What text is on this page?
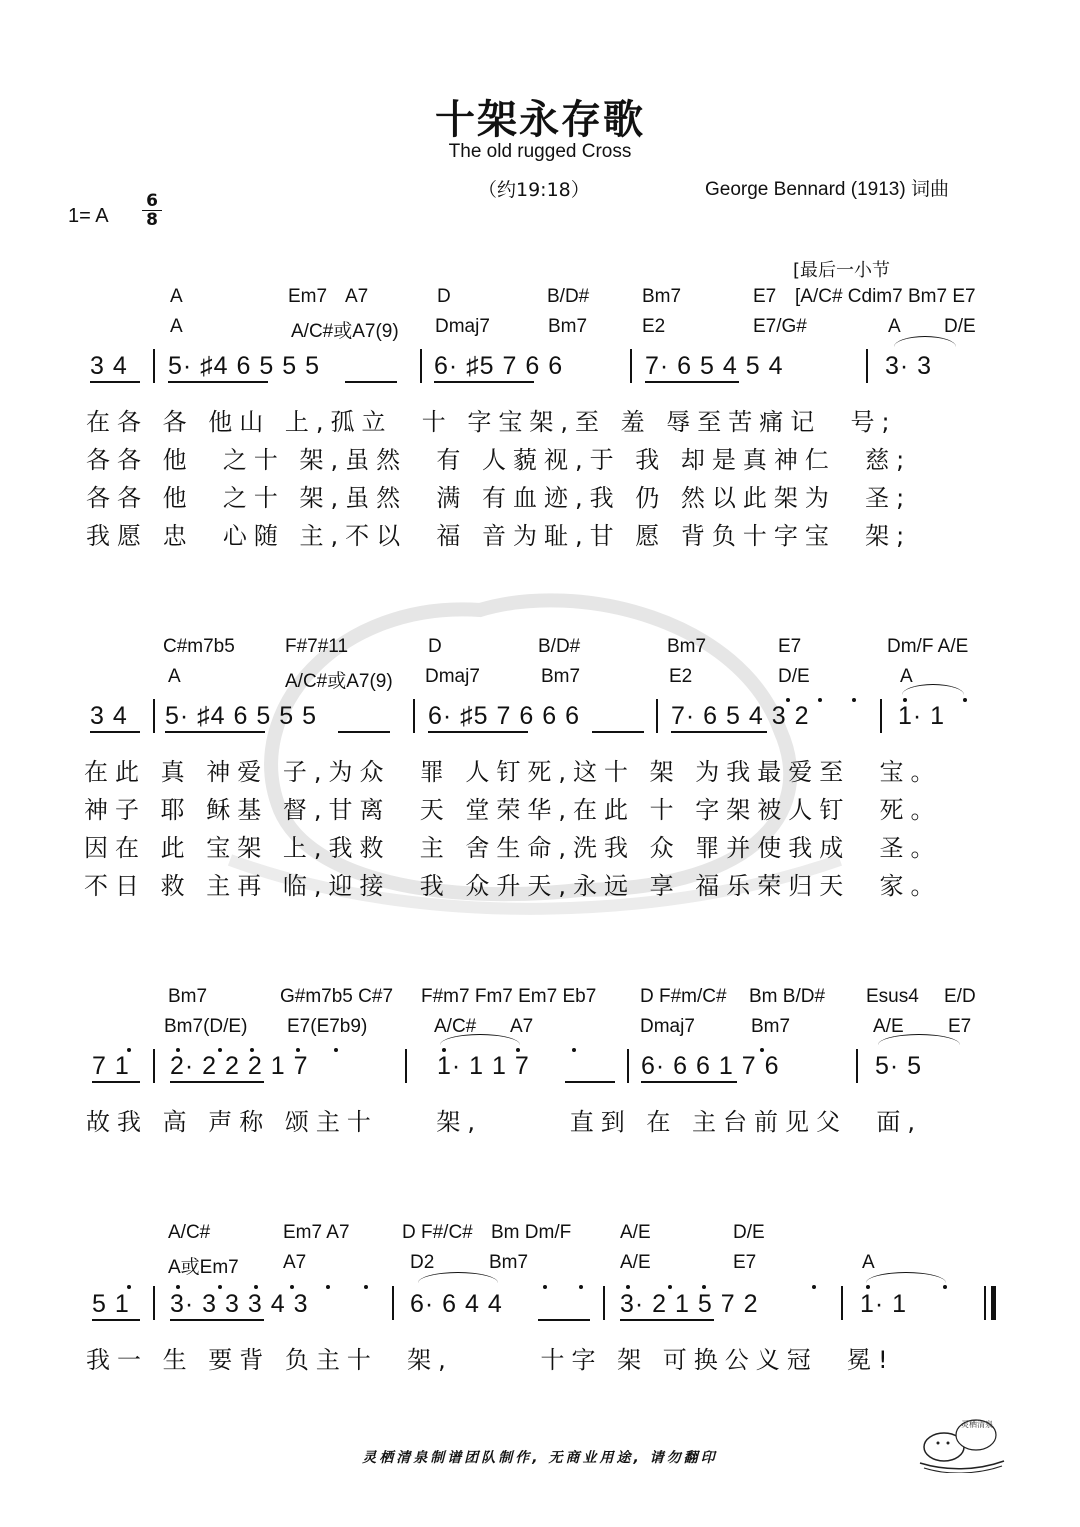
十架永存歌
The old rugged Cross
（约19:18）	George Bennard (1913) 词曲
1= A
6
8
[最后一小节
A	Em7 A7	D	B/D#	Bm7	E7 [A/C# Cdim7 Bm7 E7
A	A/C#或A7(9) Dmaj7	Bm7	E2	E7/G#	A D/E
3 4 5· ♯4 6 5 5 5	6· ♯5 7 6 6	7· 6 5 4 5 4	3· 3
在各 各 他山 上,孤立  十 字宝架,至 羞 辱至苦痛记  号;
各各 他  之十 架,虽然  有 人藐视,于 我 却是真神仁  慈;
各各 他  之十 架,虽然  满 有血迹,我 仍 然以此架为  圣;
我愿 忠  心随 主,不以  福 音为耻,甘 愿 背负十字宝  架;
C#m7b5	F#7#11	D	B/D#	Bm7	E7	Dm/F A/E
A	A/C#或A7(9) Dmaj7	Bm7	E2	D/E	A
3 4 5· ♯4 6 5 5 5	6· ♯5 7 6 6 6	7· 6 5 4 3 2	1· 1
在此 真 神爱 子,为众  罪 人钉死,这十 架 为我最爱至  宝。
神子 耶 稣基 督,甘离  天 堂荣华,在此 十 字架被人钉  死。
因在 此 宝架 上,我救  主 舍生命,洗我 众 罪并使我成  圣。
不日 救 主再 临,迎接  我 众升天,永远 享 福乐荣归天  家。
Bm7	G#m7b5 C#7 F#m7 Fm7 Em7 Eb7 D F#m/C# Bm B/D# Esus4 E/D
Bm7(D/E) E7(E7b9)	A/C# A7	Dmaj7	Bm7	A/E E7
7 1 2· 2 2 2 1 7	1· 1 1 7	6· 6 6 1 7 6	5· 5
故我 高 声称 颂主十    架,      直到 在 主台前见父  面,
A/C#	Em7 A7	D F#/C# Bm Dm/F	A/E	D/E
A或Em7 A7	D2	Bm7	A/E	E7	A
5 1 3· 3 3 3 4 3	6· 6 4 4	3· 2 1 5 7 2	1· 1
我一 生 要背 负主十  架,      十字 架 可换公义冠  冕!
灵栖清泉制谱团队制作, 无商业用途, 请勿翻印
灵栖清泉
